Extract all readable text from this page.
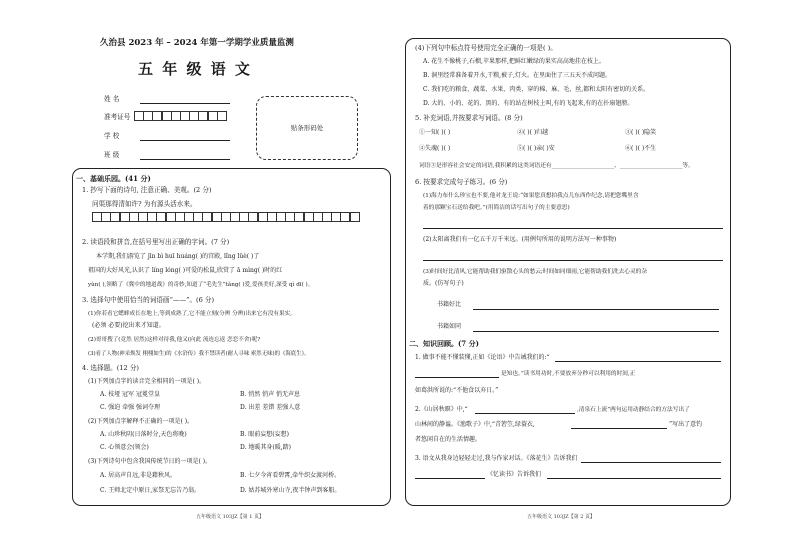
久治县 2023 年 – 2024 年第一学期学业质量监测
五 年 级 语 文
姓 名
准考证号
学 校
班 级
贴条形码处
一、基础乐园。(41 分)
1. 抄写下面的诗句, 注意正确、美观。(2 分)
问渠那得清如许? 为有源头活水来。
2. 读语段和拼音,在括号里写出正确的字词。(7 分)
本学期,我们游览了 jīn bì huī huáng( )的宫殿, lǐng lüè( )了
祖国的大好风光,认识了 líng lóng( )可爱的松鼠,欣赏了 ā mìng( )时的红
yùn( ),领略了《冀中的地道战》的奇妙,知道了“毛先生”tǎng( )爱,爱孩美好,深受 qì dī( )。
3. 选择句中使用恰当的词语画“——”。(6 分)
(1)你若看它蟋蟀成长在地上,等到成熟了,它不能立刻(分辨 分辨)出来它有没有果实,
(必须 必要)挖出来才知道。
(2)哥哥搜了(竟然 居然)这样对待我,他又(向此 流连忘返 恋恋不舍)呢?
(3)看了人物(神采焕发 栩栩如生)的《水浒传》我不禁读者(耐人寻味 索然无味)的《海底生》。
4. 选择题。(12 分)
(1)下列加点字的读音完全相同的一项是( )。
A. 枝垭 冠军 冠冕堂皇	B. 悄然 悄声 悄无声息
C. 强迫 牵强 强词夺理	D. 出差 差错 差强人意
(2)下列加点字解释不正确的一项是( )。
A. 山珍秋阴(日落时分,天色将晚)	B. 眼前妄想(妄想)
C. 心领意会(领会)	D. 地暖其身(暖,踏)
(3)下列诗句中包含我国传统节日的一项是( )。
A. 居高声自远,非是藉秋风。	B. 七夕今宵看碧霄,牵牛织女渡河桥。
C. 王师北定中原日,家祭无忘告乃翁。	D. 姑苏城外寒山寺,夜半钟声到客船。
五年级语文 103JZ【第 1 页】
(4)下列句中标点符号使用完全正确的一项是( )。
A. 花生不像桃子,石榴,苹果那样,把鲜红嫩绿的果实高高地挂在枝上。
B. 洞里经常准备着开水,干粮,被子,灯火。在里面住了三五天不成问题。
C. 我们吃的粮食、蔬菜、水果、肉类、穿的棉、麻、毛、丝,都和太阳有密切的关系。
D. 大的、小的、花的、黑的、有的站在树枝上叫,有的飞起来,有的在扑扇翅膀。
5. 补充词语,并按要求写词语。(8 分)
①一知( )( )	②( )( )归越	③( )( )隐笑
④失魂( )( )	⑤( )( )亲( )安	⑥( )( )不生
词语③是形容社会安定的词语,我积累的这类词语还有______________________、______________________等。
6. 按要求完成句子练习。(6 分)
(1)海力布什么珍宝也不要,他对龙王说:“如果您真想拍我点儿东西作纪念,请把您嘴里含
着的那颗宝石送给我吧。”(用简洁的话写出句子的主要意思)
(2)太阳离我们有一亿五千万千米远。(用例句所用的说明方法写一种事物)
(3)时间好比清风,它能帮助我们驱散心头的愁云;时间如同细雨,它能帮助我们洗去心灵的杂
质。(仿写句子)
书籍好比
书籍如同
二、知识回顾。(7 分)
1. 做事不能不懂装懂,正如《论语》中告诫我们的:“
是知也。”读书用功时,不要放弃分秒可以利用的时间,正
如葛洪所说的:“不他食以弃日。”
2.《山居秋暝》中,“	,清泉石上流”两句运用动静结合的方法写出了
山林间的静谧。《渔歌子》中,“青箬笠,绿蓑衣,	”写出了意钓
者悠闲自在的生活情趣。
3. 语文从我身边轻轻走过,我与作家对话。《落花生》告诉我们
《忆读书》告诉我们
五年级语文 103JZ【第 2 页】
